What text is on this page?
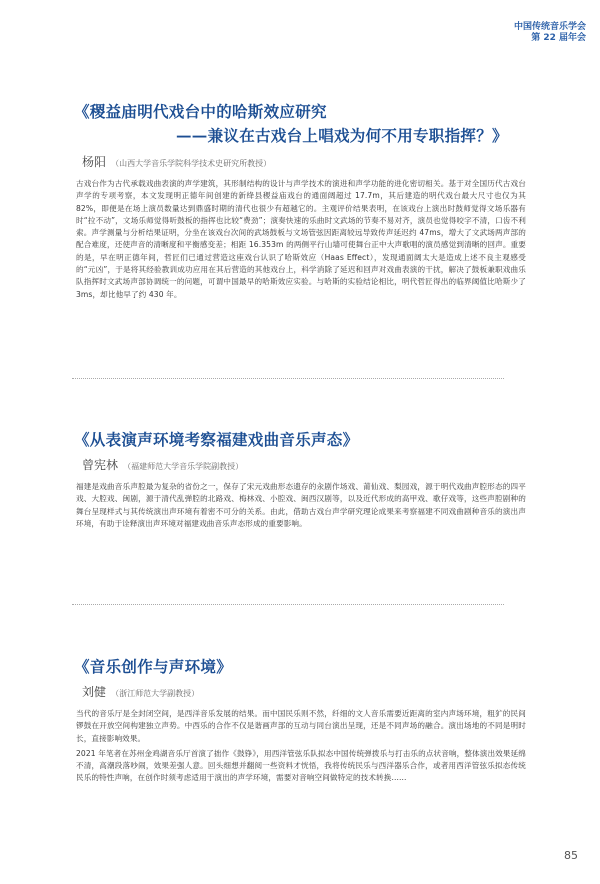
中国传统音乐学会
第 22 届年会
《稷益庙明代戏台中的哈斯效应研究
——兼议在古戏台上唱戏为何不用专职指挥？》
杨阳 （山西大学音乐学院科学技术史研究所教授）

古戏台作为古代承载戏曲表演的声学建筑，其形制结构的设计与声学技术的演进和声学功能的进化密切相关。基于对全国历代古戏台声学的专项考察，本文发现明正德年间创建的新绛县稷益庙戏台的通面阔超过 17.7m，其后建造的明代戏台最大尺寸也仅为其 82%，即便是在场上演员数量达到鼎盛时期的清代也很少有超越它的。主观评价结果表明，在该戏台上演出时鼓师觉得文场乐器有时“拉不动”，文场乐师觉得听鼓板的指挥也比较“费劲”；演奏快速的乐曲时文武场的节奏不易对齐，演员也觉得咬字不清，口齿不利索。声学测量与分析结果证明，分坐在该戏台次间的武场鼓板与文场管弦因距离较远导致传声延迟约 47ms，增大了文武场两声部的配合难度，还使声音的清晰度和平衡感变差；相距 16.353m 的两侧平行山墙可使舞台正中大声歌唱的演员感觉到清晰的回声。重要的是，早在明正德年间，哲匠们已通过营造这座戏台认识了哈斯效应（Haas Effect），发现通面阔太大是造成上述不良主观感受的“元凶”，于是将其经验教训成功应用在其后营造的其他戏台上，科学消除了延迟和回声对戏曲表演的干扰，解决了鼓板兼职戏曲乐队指挥时文武场声部协调统一的问题，可谓中国最早的哈斯效应实验。与哈斯的实验结论相比，明代哲匠得出的临界阈值比哈斯少了 3ms，却比他早了约 430 年。

《从表演声环境考察福建戏曲音乐声态》
曾宪林 （福建师范大学音乐学院副教授）

福建是戏曲音乐声腔最为复杂的省份之一，保存了宋元戏曲形态遗存的汆剧作场戏、莆仙戏、梨园戏，源于明代戏曲声腔形态的四平戏、大腔戏、闽剧，源于清代乱弹腔的北路戏、梅林戏、小腔戏、闽西汉剧等，以及近代形成的高甲戏、歌仔戏等，这些声腔剧种的舞台呈现样式与其传统演出声环境有着密不可分的关系。由此，借助古戏台声学研究理论成果来考察福建不同戏曲剧种音乐的演出声环境，有助于诠释演出声环境对福建戏曲音乐声态形成的重要影响。

《音乐创作与声环境》
刘健 （浙江师范大学副教授）

当代的音乐厅是全封闭空间，是西洋音乐发展的结果。而中国民乐则不然，纤细的文人音乐需要近距离的室内声场环境，粗犷的民间锣鼓在开放空间构建独立声势。中西乐的合作不仅是谐画声部的互动与同台演出呈现，还是不同声场的融合。演出场地的不同是明时长，直接影响效果。

2021 年笔者在苏州金鸡湖音乐厅首演了拙作《鼓铮》，用西洋管弦乐队拟态中国传统弹拨乐与打击乐的点状音响，整体演出效果延绵不清，高潮段落吵闹，效果差强人意。回头细想并翻阅一些资料才恍悟，我将传统民乐与西洋器乐合作，或者用西洋管弦乐拟态传统民乐的特性声响，在创作时须考虑适用于演出的声学环境，需要对音响空间做特定的技术转换......

85
